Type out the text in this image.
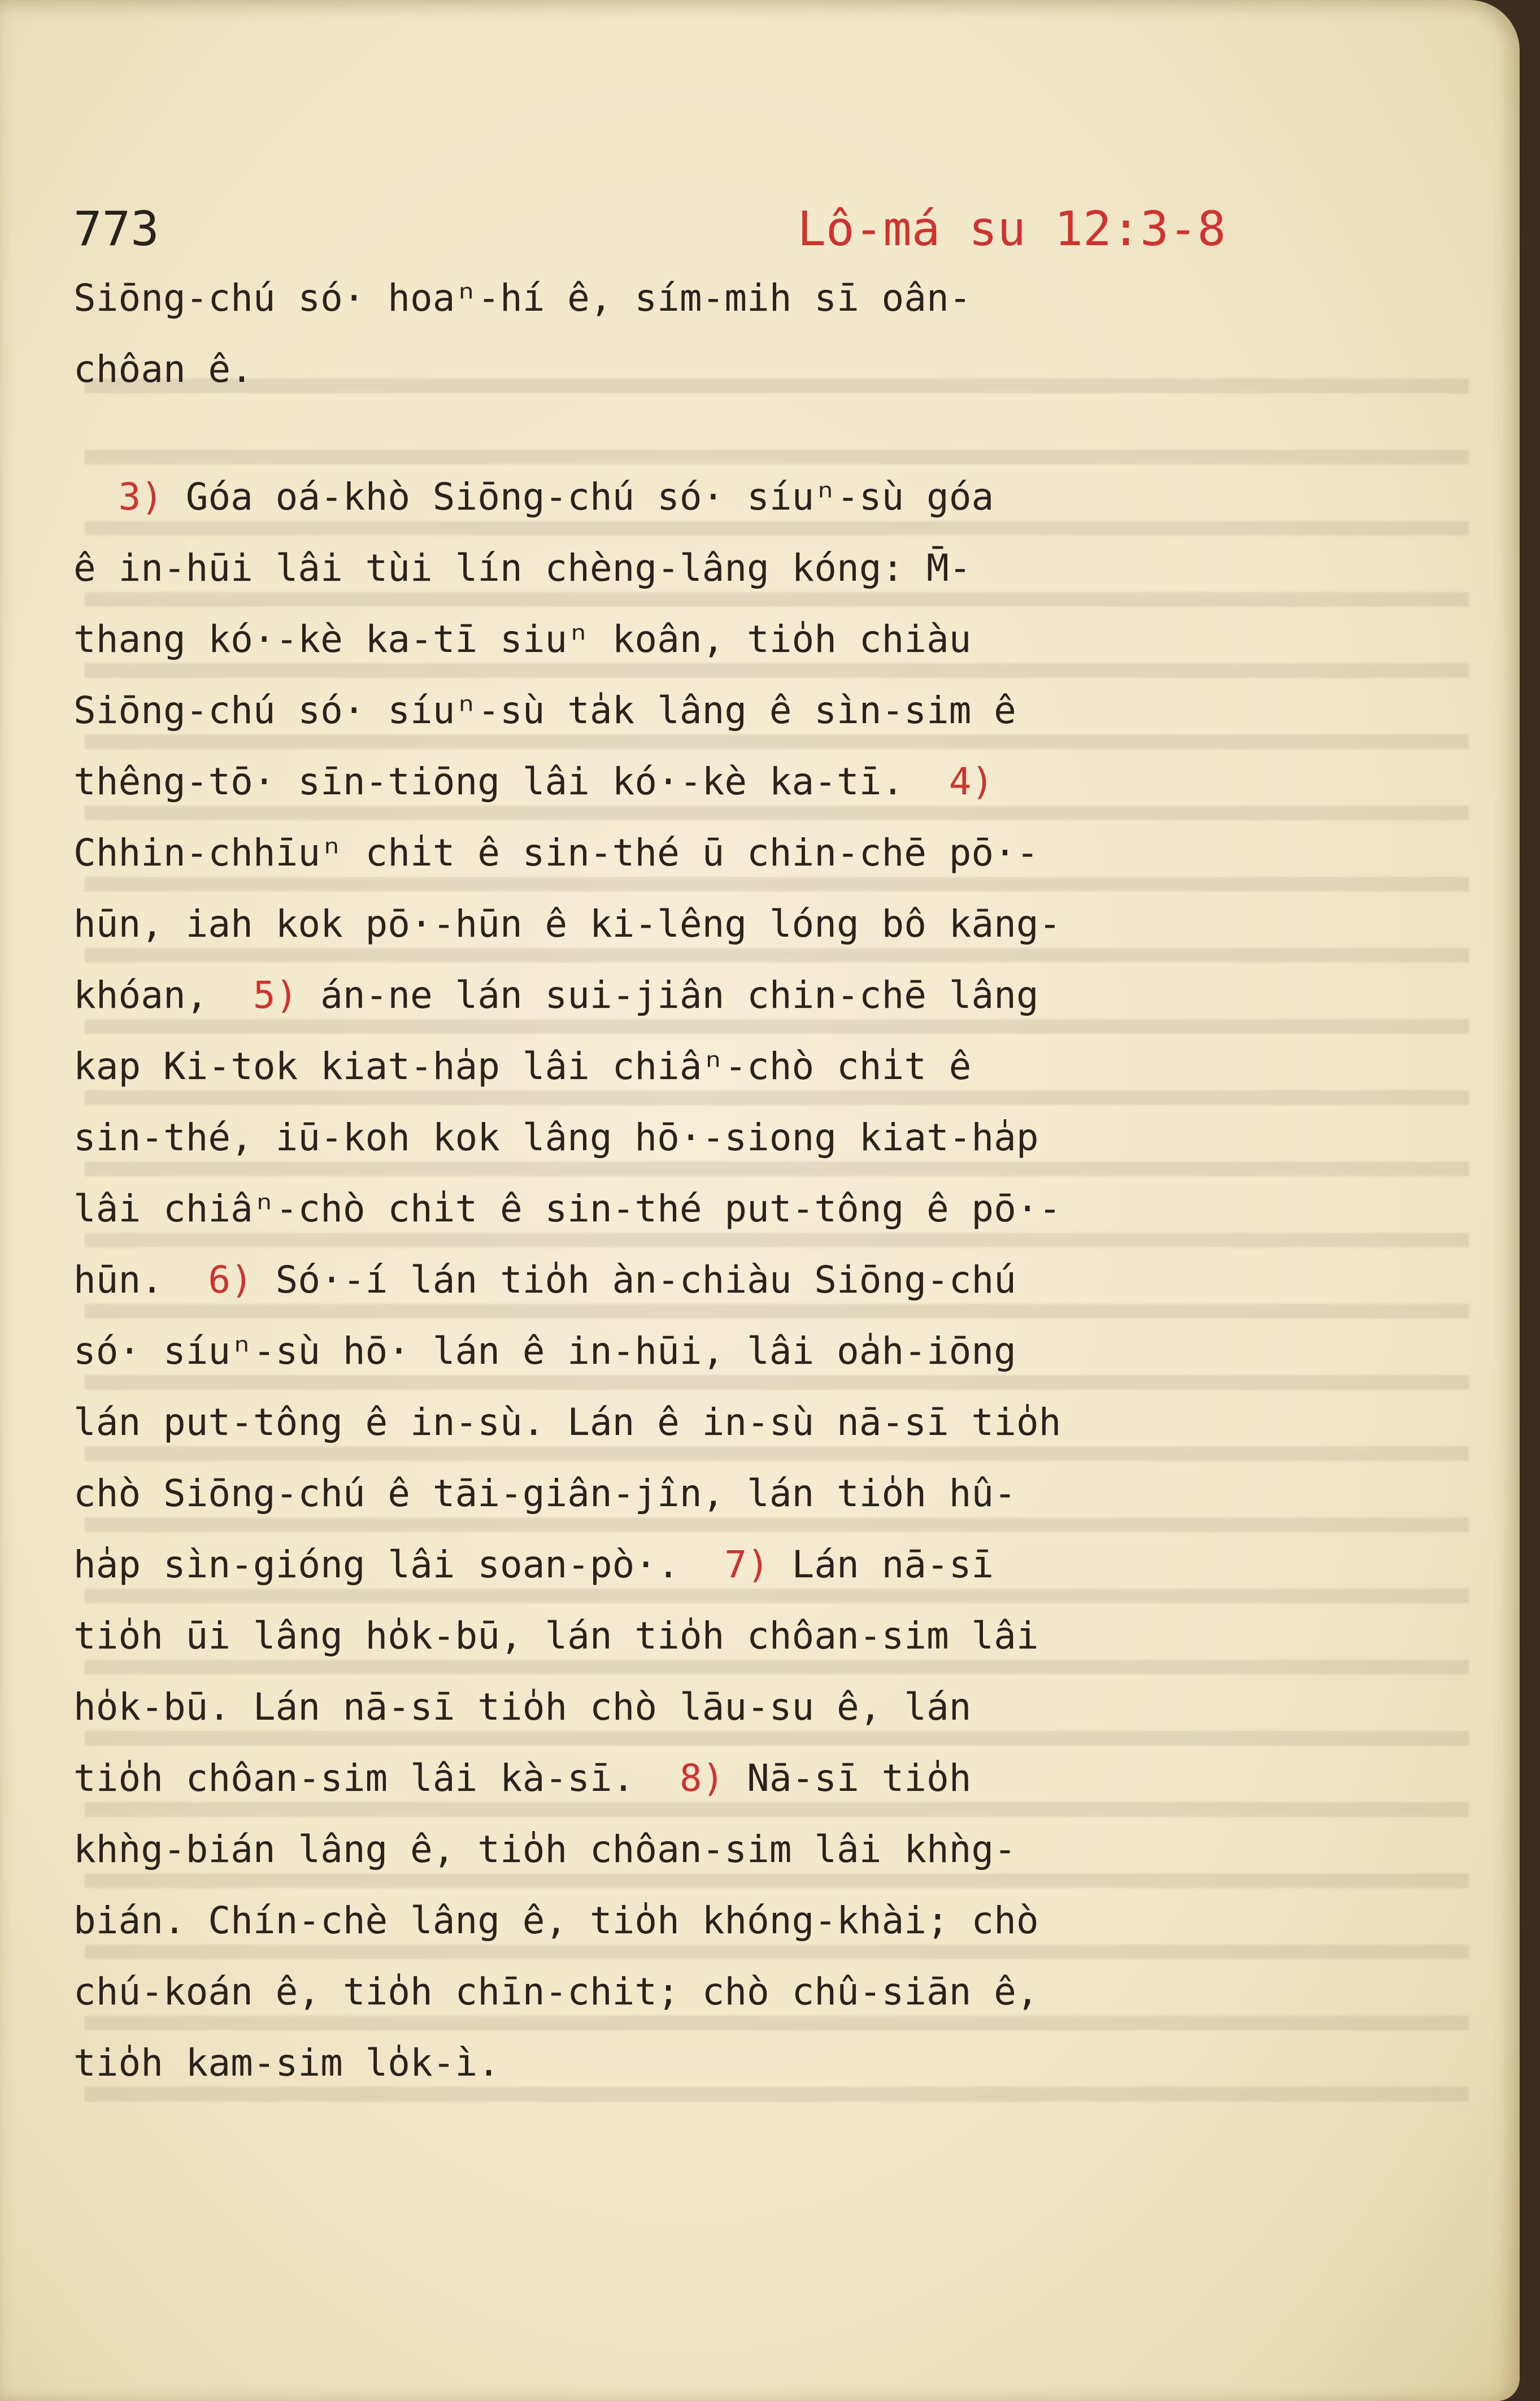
773	Lô-má su 12:3-8
Siōng-chú só· hoaⁿ-hí ê, sím-mih sī oân-
chôan ê.
3) Góa oá-khò Siōng-chú só· síuⁿ-sù góa
ê in-hūi lâi tùi lín chèng-lâng kóng: M̄-
thang kó·-kè ka-tī siuⁿ koân, tio̍h chiàu
Siōng-chú só· síuⁿ-sù ta̍k lâng ê sìn-sim ê
thêng-tō· sīn-tiōng lâi kó·-kè ka-tī.  4)
Chhin-chhīuⁿ chi̍t ê sin-thé ū chin-chē pō·-
hūn, iah kok pō·-hūn ê ki-lêng lóng bô kāng-
khóan,  5) án-ne lán sui-jiân chin-chē lâng
kap Ki-tok kiat-ha̍p lâi chiâⁿ-chò chi̍t ê
sin-thé, iū-koh kok lâng hō·-siong kiat-ha̍p
lâi chiâⁿ-chò chi̍t ê sin-thé put-tông ê pō·-
hūn.  6) Só·-í lán tio̍h àn-chiàu Siōng-chú
só· síuⁿ-sù hō· lán ê in-hūi, lâi oa̍h-iōng
lán put-tông ê in-sù. Lán ê in-sù nā-sī tio̍h
chò Siōng-chú ê tāi-giân-jîn, lán tio̍h hû-
ha̍p sìn-gióng lâi soan-pò·.  7) Lán nā-sī
tio̍h ūi lâng ho̍k-bū, lán tio̍h chôan-sim lâi
ho̍k-bū. Lán nā-sī tio̍h chò lāu-su ê, lán
tio̍h chôan-sim lâi kà-sī.  8) Nā-sī tio̍h
khǹg-bián lâng ê, tio̍h chôan-sim lâi khǹg-
bián. Chín-chè lâng ê, tio̍h khóng-khài; chò
chú-koán ê, tio̍h chīn-chit; chò chû-siān ê,
tio̍h kam-sim lo̍k-ì.
